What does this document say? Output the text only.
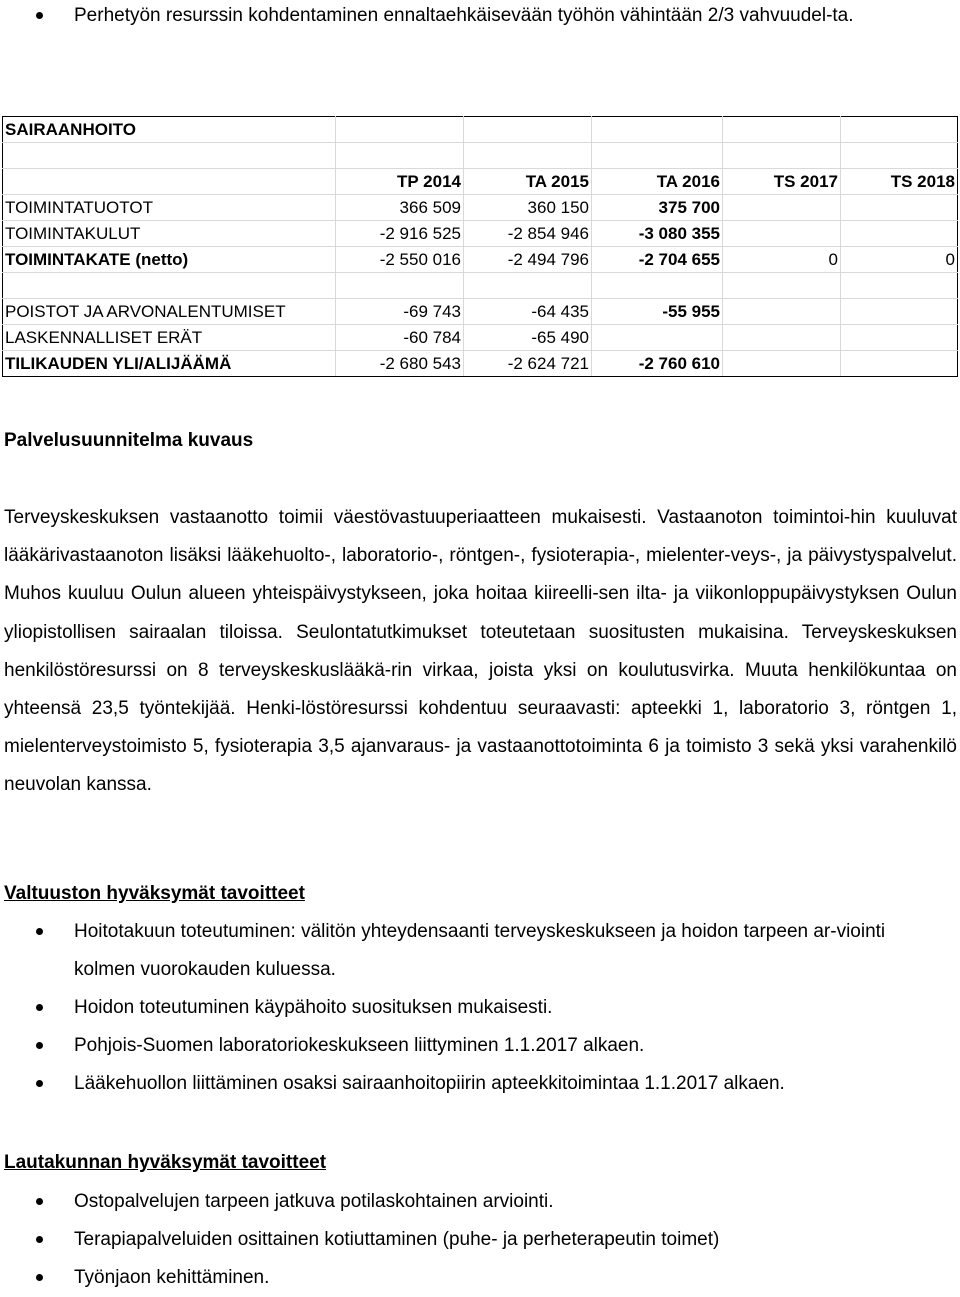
Perhetyön resurssin kohdentaminen ennaltaehkäisevään työhön vähintään 2/3 vahvuudel-ta.
SAIRAANHOITO					

	TP 2014	TA 2015	TA 2016	TS 2017	TS 2018
TOIMINTATUOTOT	366 509	360 150	375 700		
TOIMINTAKULUT	-2 916 525	-2 854 946	-3 080 355		
TOIMINTAKATE (netto)	-2 550 016	-2 494 796	-2 704 655	0	0

POISTOT JA ARVONALENTUMISET	-69 743	-64 435	-55 955		
LASKENNALLISET ERÄT	-60 784	-65 490			
TILIKAUDEN YLI/ALIJÄÄMÄ	-2 680 543	-2 624 721	-2 760 610		
Palvelusuunnitelma kuvaus
Terveyskeskuksen vastaanotto toimii väestövastuuperiaatteen mukaisesti. Vastaanoton toimintoi-hin kuuluvat lääkärivastaanoton lisäksi lääkehuolto-, laboratorio-, röntgen-, fysioterapia-, mielenter-veys-, ja päivystyspalvelut. Muhos kuuluu Oulun alueen yhteispäivystykseen, joka hoitaa kiireelli-sen ilta- ja viikonloppupäivystyksen Oulun yliopistollisen sairaalan tiloissa. Seulontatutkimukset toteutetaan suositusten mukaisina. Terveyskeskuksen henkilöstöresurssi on 8 terveyskeskuslääkä-rin virkaa, joista yksi on koulutusvirka. Muuta henkilökuntaa on yhteensä 23,5 työntekijää. Henki-löstöresurssi kohdentuu seuraavasti: apteekki 1, laboratorio 3, röntgen 1, mielenterveystoimisto 5, fysioterapia 3,5 ajanvaraus- ja vastaanottotoiminta 6 ja toimisto 3 sekä yksi varahenkilö neuvolan kanssa.
Valtuuston hyväksymät tavoitteet
Hoitotakuun toteutuminen: välitön yhteydensaanti terveyskeskukseen ja hoidon tarpeen ar-viointi kolmen vuorokauden kuluessa.
Hoidon toteutuminen käypähoito suosituksen mukaisesti.
Pohjois-Suomen laboratoriokeskukseen liittyminen 1.1.2017 alkaen.
Lääkehuollon liittäminen osaksi sairaanhoitopiirin apteekkitoimintaa 1.1.2017 alkaen.
Lautakunnan hyväksymät tavoitteet
Ostopalvelujen tarpeen jatkuva potilaskohtainen arviointi.
Terapiapalveluiden osittainen kotiuttaminen (puhe- ja perheterapeutin toimet)
Työnjaon kehittäminen.
